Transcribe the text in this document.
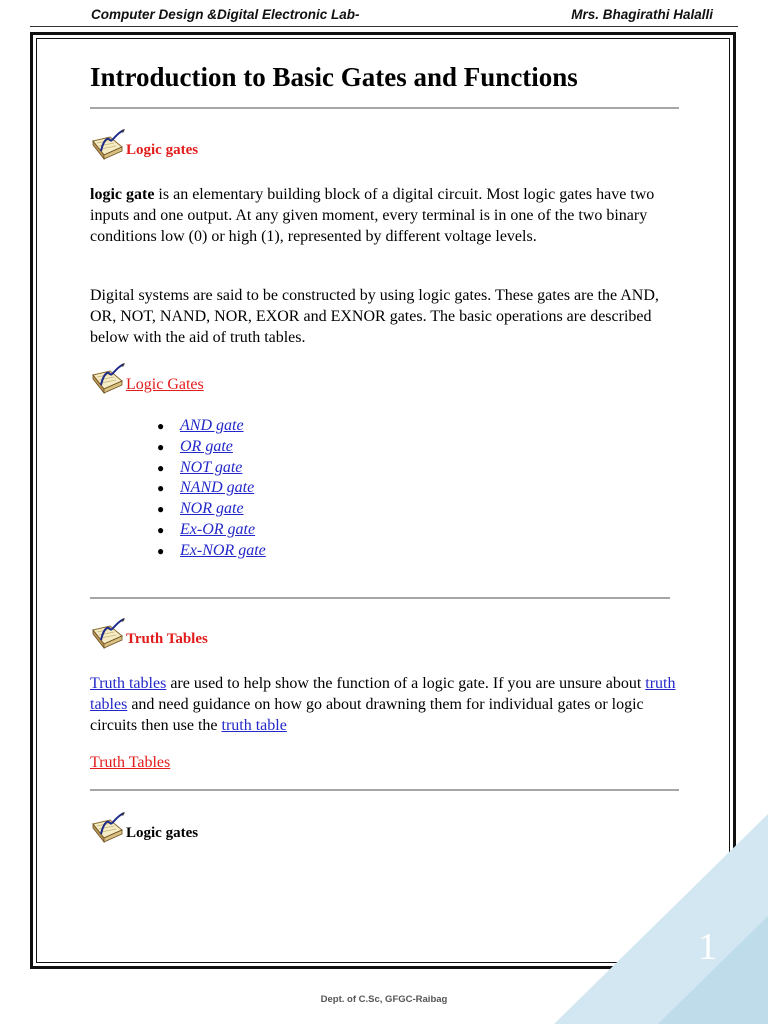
Computer Design &Digital Electronic Lab-	Mrs. Bhagirathi Halalli
1
Dept. of C.Sc, GFGC-Raibag
Introduction to Basic Gates and Functions
Logic gates

logic gate is an elementary building block of a digital circuit. Most logic gates have two inputs and one output. At any given moment, every terminal is in one of the two binary conditions low (0) or high (1), represented by different voltage levels.

Digital systems are said to be constructed by using logic gates. These gates are the AND, OR, NOT, NAND, NOR, EXOR and EXNOR gates. The basic operations are described below with the aid of truth tables.

Logic Gates
● AND gate
● OR gate
● NOT gate
● NAND gate
● NOR gate
● Ex-OR gate
● Ex-NOR gate
Truth Tables

Truth tables are used to help show the function of a logic gate. If you are unsure about truth tables and need guidance on how go about drawning them for individual gates or logic circuits then use the truth table

Truth Tables
Logic gates
